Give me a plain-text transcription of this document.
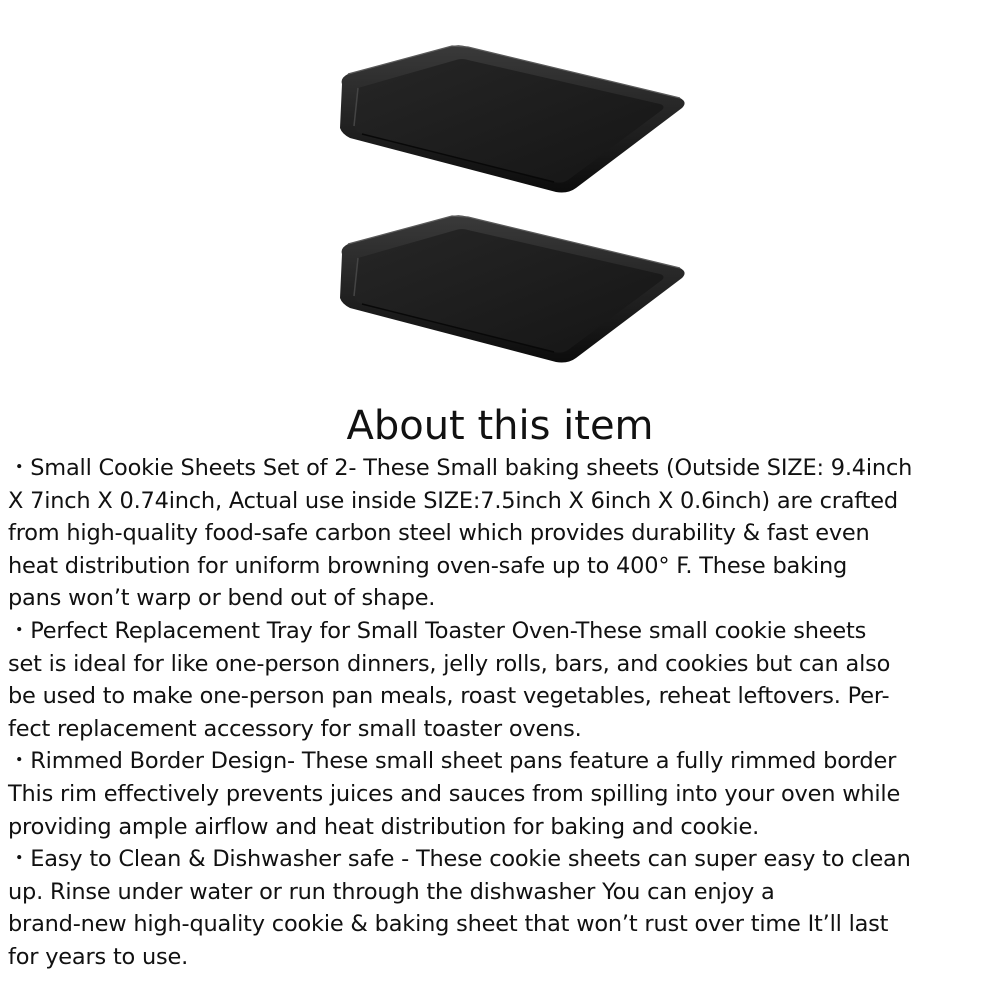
About this item
・Small Cookie Sheets Set of 2- These Small baking sheets (Outside SIZE: 9.4inch
X 7inch X 0.74inch, Actual use inside SIZE:7.5inch X 6inch X 0.6inch) are crafted
from high-quality food-safe carbon steel which provides durability & fast even
heat distribution for uniform browning oven-safe up to 400° F. These baking
pans won’t warp or bend out of shape.
・Perfect Replacement Tray for Small Toaster Oven-These small cookie sheets
set is ideal for like one-person dinners, jelly rolls, bars, and cookies but can also
be used to make one-person pan meals, roast vegetables, reheat leftovers. Per-
fect replacement accessory for small toaster ovens.
・Rimmed Border Design- These small sheet pans feature a fully rimmed border
This rim effectively prevents juices and sauces from spilling into your oven while
providing ample airflow and heat distribution for baking and cookie.
・Easy to Clean & Dishwasher safe - These cookie sheets can super easy to clean
up. Rinse under water or run through the dishwasher You can enjoy a
brand-new high-quality cookie & baking sheet that won’t rust over time It’ll last
for years to use.
